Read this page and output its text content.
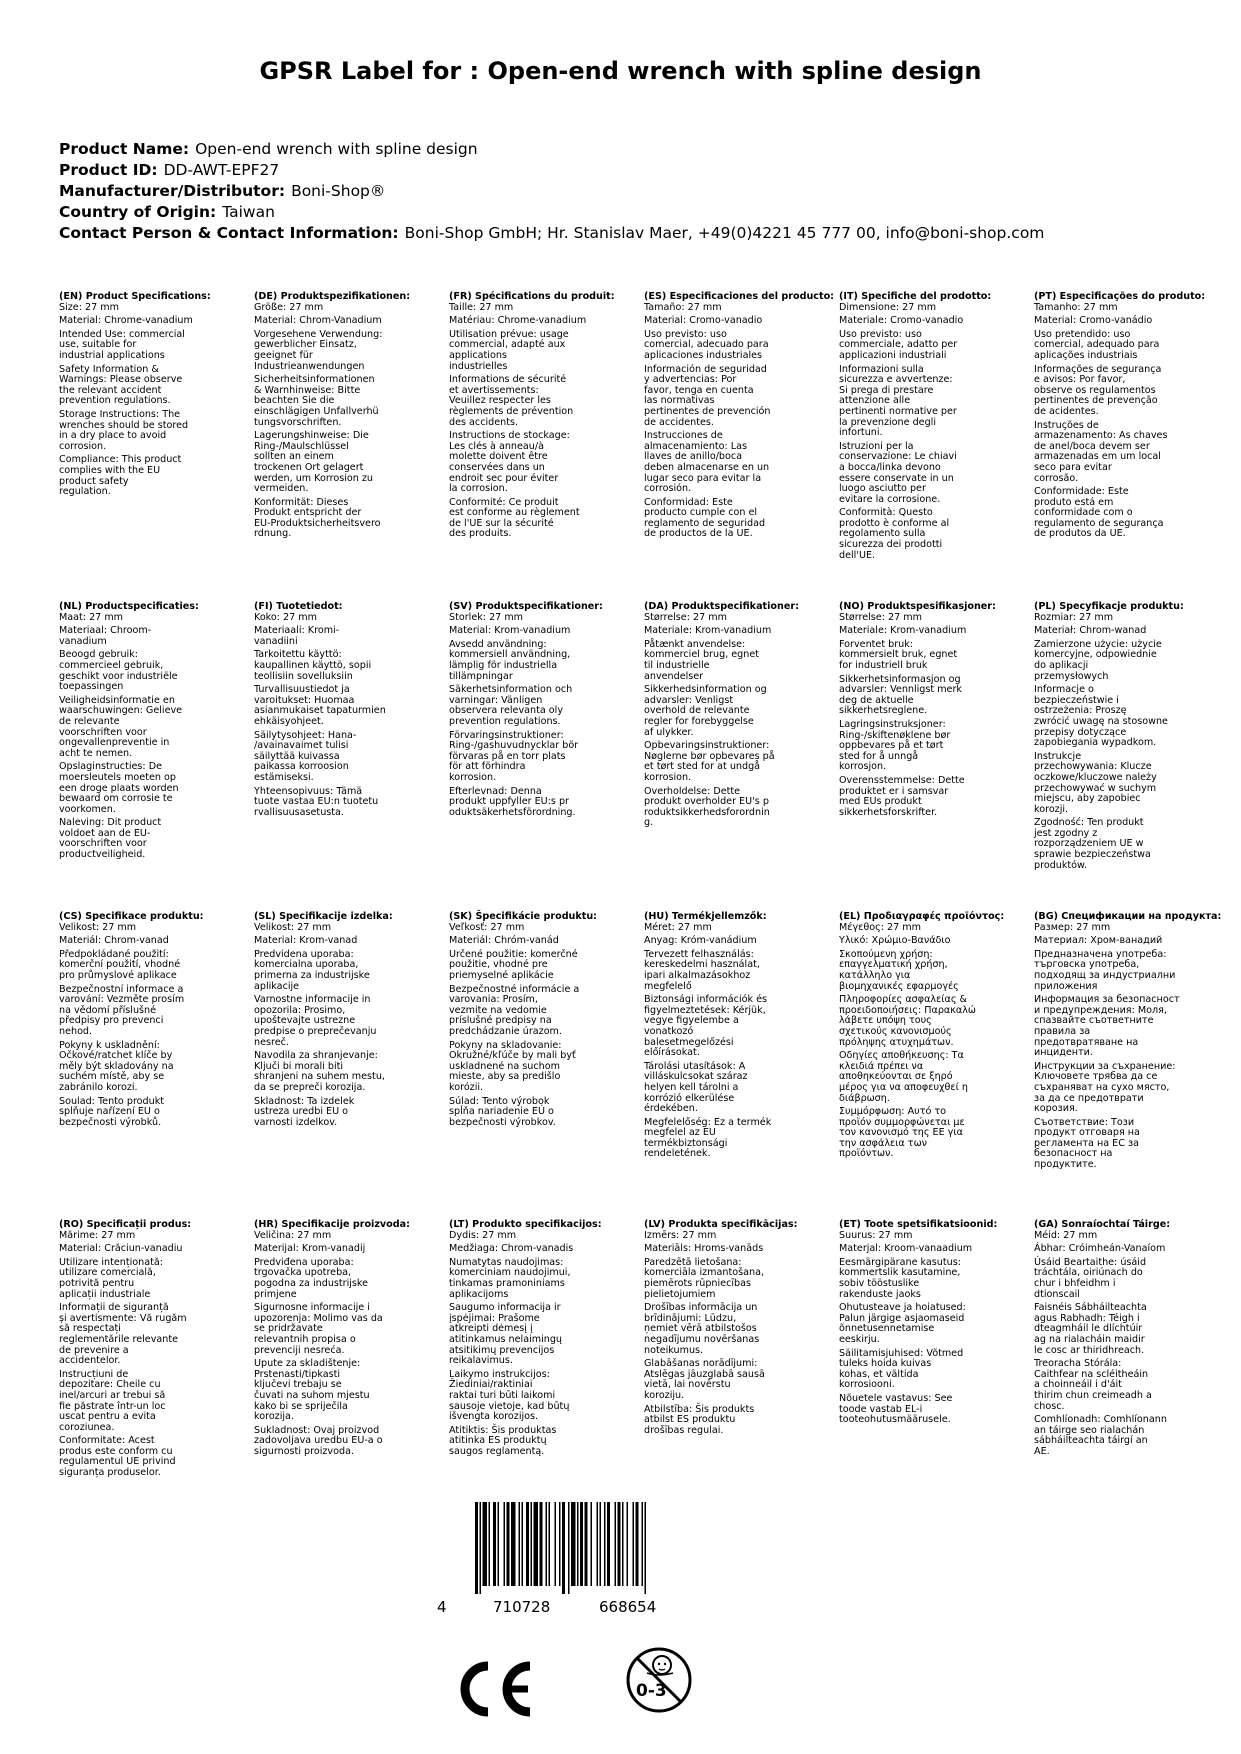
GPSR Label for : Open-end wrench with spline design
Product Name: Open-end wrench with spline design
Product ID: DD-AWT-EPF27
Manufacturer/Distributor: Boni-Shop®
Country of Origin: Taiwan
Contact Person & Contact Information: Boni-Shop GmbH; Hr. Stanislav Maer, +49(0)4221 45 777 00, info@boni-shop.com
(EN) Product Specifications:
Size: 27 mm
Material: Chrome-vanadium
Intended Use: commercial
use, suitable for
industrial applications
Safety Information &
Warnings: Please observe
the relevant accident
prevention regulations.
Storage Instructions: The
wrenches should be stored
in a dry place to avoid
corrosion.
Compliance: This product
complies with the EU
product safety
regulation.
(DE) Produktspezifikationen:
Größe: 27 mm
Material: Chrom-Vanadium
Vorgesehene Verwendung:
gewerblicher Einsatz,
geeignet für
Industrieanwendungen
Sicherheitsinformationen
& Warnhinweise: Bitte
beachten Sie die
einschlägigen Unfallverhü
tungsvorschriften.
Lagerungshinweise: Die
Ring-/Maulschlüssel
sollten an einem
trockenen Ort gelagert
werden, um Korrosion zu
vermeiden.
Konformität: Dieses
Produkt entspricht der
EU-Produktsicherheitsvero
rdnung.
(FR) Spécifications du produit:
Taille: 27 mm
Matériau: Chrome-vanadium
Utilisation prévue: usage
commercial, adapté aux
applications
industrielles
Informations de sécurité
et avertissements:
Veuillez respecter les
règlements de prévention
des accidents.
Instructions de stockage:
Les clés à anneau/à
molette doivent être
conservées dans un
endroit sec pour éviter
la corrosion.
Conformité: Ce produit
est conforme au règlement
de l'UE sur la sécurité
des produits.
(ES) Especificaciones del producto:
Tamaño: 27 mm
Material: Cromo-vanadio
Uso previsto: uso
comercial, adecuado para
aplicaciones industriales
Información de seguridad
y advertencias: Por
favor, tenga en cuenta
las normativas
pertinentes de prevención
de accidentes.
Instrucciones de
almacenamiento: Las
llaves de anillo/boca
deben almacenarse en un
lugar seco para evitar la
corrosión.
Conformidad: Este
producto cumple con el
reglamento de seguridad
de productos de la UE.
(IT) Specifiche del prodotto:
Dimensione: 27 mm
Materiale: Cromo-vanadio
Uso previsto: uso
commerciale, adatto per
applicazioni industriali
Informazioni sulla
sicurezza e avvertenze:
Si prega di prestare
attenzione alle
pertinenti normative per
la prevenzione degli
infortuni.
Istruzioni per la
conservazione: Le chiavi
a bocca/linka devono
essere conservate in un
luogo asciutto per
evitare la corrosione.
Conformità: Questo
prodotto è conforme al
regolamento sulla
sicurezza dei prodotti
dell'UE.
(PT) Especificações do produto:
Tamanho: 27 mm
Material: Cromo-vanádio
Uso pretendido: uso
comercial, adequado para
aplicações industriais
Informações de segurança
e avisos: Por favor,
observe os regulamentos
pertinentes de prevenção
de acidentes.
Instruções de
armazenamento: As chaves
de anel/boca devem ser
armazenadas em um local
seco para evitar
corrosão.
Conformidade: Este
produto está em
conformidade com o
regulamento de segurança
de produtos da UE.
(NL) Productspecificaties:
Maat: 27 mm
Materiaal: Chroom-
vanadium
Beoogd gebruik:
commercieel gebruik,
geschikt voor industriële
toepassingen
Veiligheidsinformatie en
waarschuwingen: Gelieve
de relevante
voorschriften voor
ongevallenpreventie in
acht te nemen.
Opslaginstructies: De
moersleutels moeten op
een droge plaats worden
bewaard om corrosie te
voorkomen.
Naleving: Dit product
voldoet aan de EU-
voorschriften voor
productveiligheid.
(FI) Tuotetiedot:
Koko: 27 mm
Materiaali: Kromi-
vanadiini
Tarkoitettu käyttö:
kaupallinen käyttö, sopii
teollisiin sovelluksiin
Turvallisuustiedot ja
varoitukset: Huomaa
asianmukaiset tapaturmien
ehkäisyohjeet.
Säilytysohjeet: Hana-
/avainavaimet tulisi
säilyttää kuivassa
paikassa korroosion
estämiseksi.
Yhteensopivuus: Tämä
tuote vastaa EU:n tuotetu
rvallisuusasetusta.
(SV) Produktspecifikationer:
Storlek: 27 mm
Material: Krom-vanadium
Avsedd användning:
kommersiell användning,
lämplig för industriella
tillämpningar
Säkerhetsinformation och
varningar: Vänligen
observera relevanta oly
prevention regulations.
Förvaringsinstruktioner:
Ring-/gashuvudnycklar bör
förvaras på en torr plats
för att förhindra
korrosion.
Efterlevnad: Denna
produkt uppfyller EU:s pr
oduktsäkerhetsförordning.
(DA) Produktspecifikationer:
Størrelse: 27 mm
Materiale: Krom-vanadium
Påtænkt anvendelse:
kommerciel brug, egnet
til industrielle
anvendelser
Sikkerhedsinformation og
advarsler: Venligst
overhold de relevante
regler for forebyggelse
af ulykker.
Opbevaringsinstruktioner:
Nøglerne bør opbevares på
et tørt sted for at undgå
korrosion.
Overholdelse: Dette
produkt overholder EU's p
roduktsikkerhedsforordnin
g.
(NO) Produktspesifikasjoner:
Størrelse: 27 mm
Materiale: Krom-vanadium
Forventet bruk:
kommersielt bruk, egnet
for industriell bruk
Sikkerhetsinformasjon og
advarsler: Vennligst merk
deg de aktuelle
sikkerhetsreglene.
Lagringsinstruksjoner:
Ring-/skiftenøklene bør
oppbevares på et tørt
sted for å unngå
korrosjon.
Overensstemmelse: Dette
produktet er i samsvar
med EUs produkt
sikkerhetsforskrifter.
(PL) Specyfikacje produktu:
Rozmiar: 27 mm
Materiał: Chrom-wanad
Zamierzone użycie: użycie
komercyjne, odpowiednie
do aplikacji
przemysłowych
Informacje o
bezpieczeństwie i
ostrzeżenia: Proszę
zwrócić uwagę na stosowne
przepisy dotyczące
zapobiegania wypadkom.
Instrukcje
przechowywania: Klucze
oczkowe/kluczowe należy
przechowywać w suchym
miejscu, aby zapobiec
korozji.
Zgodność: Ten produkt
jest zgodny z
rozporządzeniem UE w
sprawie bezpieczeństwa
produktów.
(CS) Specifikace produktu:
Velikost: 27 mm
Materiál: Chrom-vanad
Předpokládané použití:
komerční použití, vhodné
pro průmyslové aplikace
Bezpečnostní informace a
varování: Vezměte prosím
na vědomí příslušné
předpisy pro prevenci
nehod.
Pokyny k uskladnění:
Očkové/ratchet klíče by
měly být skladovány na
suchém místě, aby se
zabránilo korozi.
Soulad: Tento produkt
splňuje nařízení EU o
bezpečnosti výrobků.
(SL) Specifikacije izdelka:
Velikost: 27 mm
Material: Krom-vanad
Predvidena uporaba:
komercialna uporaba,
primerna za industrijske
aplikacije
Varnostne informacije in
opozorila: Prosimo,
upoštevajte ustrezne
predpise o preprečevanju
nesreč.
Navodila za shranjevanje:
Ključi bi morali biti
shranjeni na suhem mestu,
da se prepreči korozija.
Skladnost: Ta izdelek
ustreza uredbi EU o
varnosti izdelkov.
(SK) Špecifikácie produktu:
Veľkosť: 27 mm
Materiál: Chróm-vanád
Určené použitie: komerčné
použitie, vhodné pre
priemyselné aplikácie
Bezpečnostné informácie a
varovania: Prosím,
vezmite na vedomie
príslušné predpisy na
predchádzanie úrazom.
Pokyny na skladovanie:
Okružné/kľúče by mali byť
uskladnené na suchom
mieste, aby sa predišlo
korózii.
Súlad: Tento výrobok
spĺňa nariadenie EÚ o
bezpečnosti výrobkov.
(HU) Termékjellemzők:
Méret: 27 mm
Anyag: Króm-vanádium
Tervezett felhasználás:
kereskedelmi használat,
ipari alkalmazásokhoz
megfelelő
Biztonsági információk és
figyelmeztetések: Kérjük,
vegye figyelembe a
vonatkozó
balesetmegelőzési
előírásokat.
Tárolási utasítások: A
villáskulcsokat száraz
helyen kell tárolni a
korrózió elkerülése
érdekében.
Megfelelőség: Ez a termék
megfelel az EU
termékbiztonsági
rendeletének.
(EL) Προδιαγραφές προϊόντος:
Μέγεθος: 27 mm
Υλικό: Χρώμιο-Βανάδιο
Σκοπούμενη χρήση:
επαγγελματική χρήση,
κατάλληλο για
βιομηχανικές εφαρμογές
Πληροφορίες ασφαλείας &
προειδοποιήσεις: Παρακαλώ
λάβετε υπόψη τους
σχετικούς κανονισμούς
πρόληψης ατυχημάτων.
Οδηγίες αποθήκευσης: Τα
κλειδιά πρέπει να
αποθηκεύονται σε ξηρό
μέρος για να αποφευχθεί η
διάβρωση.
Συμμόρφωση: Αυτό το
προϊόν συμμορφώνεται με
τον κανονισμό της ΕΕ για
την ασφάλεια των
προϊόντων.
(BG) Спецификации на продукта:
Размер: 27 mm
Материал: Хром-ванадий
Предназначена употреба:
търговска употреба,
подходящ за индустриални
приложения
Информация за безопасност
и предупреждения: Моля,
спазвайте съответните
правила за
предотвратяване на
инциденти.
Инструкции за съхранение:
Ключовете трябва да се
съхраняват на сухо място,
за да се предотврати
корозия.
Съответствие: Този
продукт отговаря на
регламента на ЕС за
безопасност на
продуктите.
(RO) Specificații produs:
Mărime: 27 mm
Material: Crăciun-vanadiu
Utilizare intenționată:
utilizare comercială,
potrivită pentru
aplicații industriale
Informații de siguranță
și avertismente: Vă rugăm
să respectați
reglementările relevante
de prevenire a
accidentelor.
Instrucțiuni de
depozitare: Cheile cu
inel/arcuri ar trebui să
fie păstrate într-un loc
uscat pentru a evita
coroziunea.
Conformitate: Acest
produs este conform cu
regulamentul UE privind
siguranța produselor.
(HR) Specifikacije proizvoda:
Veličina: 27 mm
Materijal: Krom-vanadij
Predviđena uporaba:
trgovačka upotreba,
pogodna za industrijske
primjene
Sigurnosne informacije i
upozorenja: Molimo vas da
se pridržavate
relevantnih propisa o
prevenciji nesreća.
Upute za skladištenje:
Prstenasti/tipkasti
ključevi trebaju se
čuvati na suhom mjestu
kako bi se spriječila
korozija.
Sukladnost: Ovaj proizvod
zadovoljava uredbu EU-a o
sigurnosti proizvoda.
(LT) Produkto specifikacijos:
Dydis: 27 mm
Medžiaga: Chrom-vanadis
Numatytas naudojimas:
komerciniam naudojimui,
tinkamas pramoniniams
aplikacijoms
Saugumo informacija ir
įspėjimai: Prašome
atkreipti dėmesį į
atitinkamus nelaimingų
atsitikimų prevencijos
reikalavimus.
Laikymo instrukcijos:
Žiediniai/raktiniai
raktai turi būti laikomi
sausoje vietoje, kad būtų
išvengta korozijos.
Atitiktis: Šis produktas
atitinka ES produktų
saugos reglamentą.
(LV) Produkta specifikācijas:
Izmērs: 27 mm
Materiāls: Hroms-vanāds
Paredzētā lietošana:
komerciāla izmantošana,
piemērots rūpniecības
pielietojumiem
Drošības informācija un
brīdinājumi: Lūdzu,
ņemiet vērā atbilstošos
negadījumu novēršanas
noteikumus.
Glabāšanas norādījumi:
Atslēgas jāuzglabā sausā
vietā, lai novērstu
koroziju.
Atbilstība: Šis produkts
atbilst ES produktu
drošības regulai.
(ET) Toote spetsifikatsioonid:
Suurus: 27 mm
Materjal: Kroom-vanaadium
Eesmärgipärane kasutus:
kommertslik kasutamine,
sobiv tööstuslike
rakenduste jaoks
Ohutusteave ja hoiatused:
Palun järgige asjaomaseid
õnnetusennetamise
eeskirju.
Säilitamisjuhised: Võtmed
tuleks hoida kuivas
kohas, et vältida
korrosiooni.
Nõuetele vastavus: See
toode vastab EL-i
tooteohutusmäärusele.
(GA) Sonraíochtaí Táirge:
Méid: 27 mm
Ábhar: Cróimheán-Vanaíom
Úsáid Beartaithe: úsáid
tráchtála, oiriúnach do
chur i bhfeidhm i
dtionscail
Faisnéis Sábháilteachta
agus Rabhadh: Téigh i
dteagmháil le dlíchtúir
ag na rialacháin maidir
le cosc ar thiridhreach.
Treoracha Stórála:
Caithfear na scléitheáin
a choinneáil i d'áit
thirim chun creimeadh a
chosc.
Comhlíonadh: Comhlíonann
an táirge seo rialachán
sábháilteachta táirgí an
AE.
4	710728	668654
0-3
